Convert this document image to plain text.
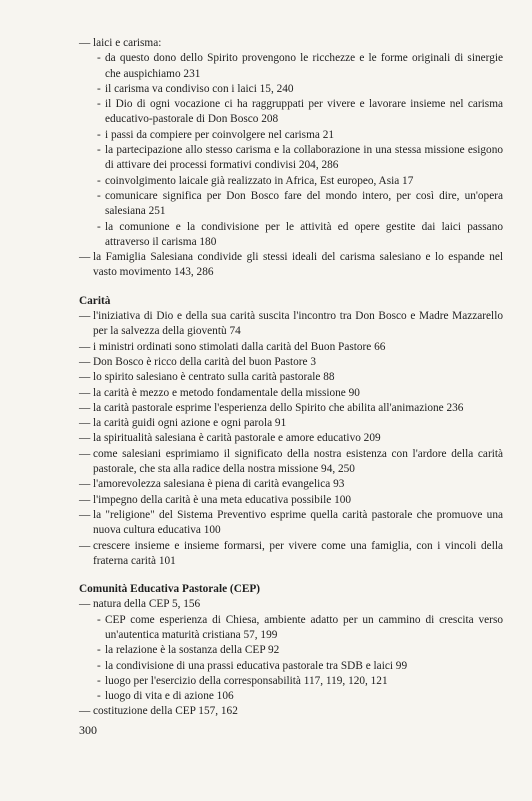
— laici e carisma:
- da questo dono dello Spirito provengono le ricchezze e le forme originali di sinergie che auspichiamo 231
- il carisma va condiviso con i laici 15, 240
- il Dio di ogni vocazione ci ha raggruppati per vivere e lavorare insieme nel carisma educativo-pastorale di Don Bosco 208
- i passi da compiere per coinvolgere nel carisma 21
- la partecipazione allo stesso carisma e la collaborazione in una stessa missione esigono di attivare dei processi formativi condivisi 204, 286
- coinvolgimento laicale già realizzato in Africa, Est europeo, Asia 17
- comunicare significa per Don Bosco fare del mondo intero, per così dire, un'opera salesiana 251
- la comunione e la condivisione per le attività ed opere gestite dai laici passano attraverso il carisma 180
— la Famiglia Salesiana condivide gli stessi ideali del carisma salesiano e lo espande nel vasto movimento 143, 286
Carità
— l'iniziativa di Dio e della sua carità suscita l'incontro tra Don Bosco e Madre Mazzarello per la salvezza della gioventù 74
— i ministri ordinati sono stimolati dalla carità del Buon Pastore 66
— Don Bosco è ricco della carità del buon Pastore 3
— lo spirito salesiano è centrato sulla carità pastorale 88
— la carità è mezzo e metodo fondamentale della missione 90
— la carità pastorale esprime l'esperienza dello Spirito che abilita all'animazione 236
— la carità guidi ogni azione e ogni parola 91
— la spiritualità salesiana è carità pastorale e amore educativo 209
— come salesiani esprimiamo il significato della nostra esistenza con l'ardore della carità pastorale, che sta alla radice della nostra missione 94, 250
— l'amorevolezza salesiana è piena di carità evangelica 93
— l'impegno della carità è una meta educativa possibile 100
— la "religione" del Sistema Preventivo esprime quella carità pastorale che promuove una nuova cultura educativa 100
— crescere insieme e insieme formarsi, per vivere come una famiglia, con i vincoli della fraterna carità 101
Comunità Educativa Pastorale (CEP)
— natura della CEP 5, 156
- CEP come esperienza di Chiesa, ambiente adatto per un cammino di crescita verso un'autentica maturità cristiana 57, 199
- la relazione è la sostanza della CEP 92
- la condivisione di una prassi educativa pastorale tra SDB e laici 99
- luogo per l'esercizio della corresponsabilità 117, 119, 120, 121
- luogo di vita e di azione 106
— costituzione della CEP 157, 162
300
